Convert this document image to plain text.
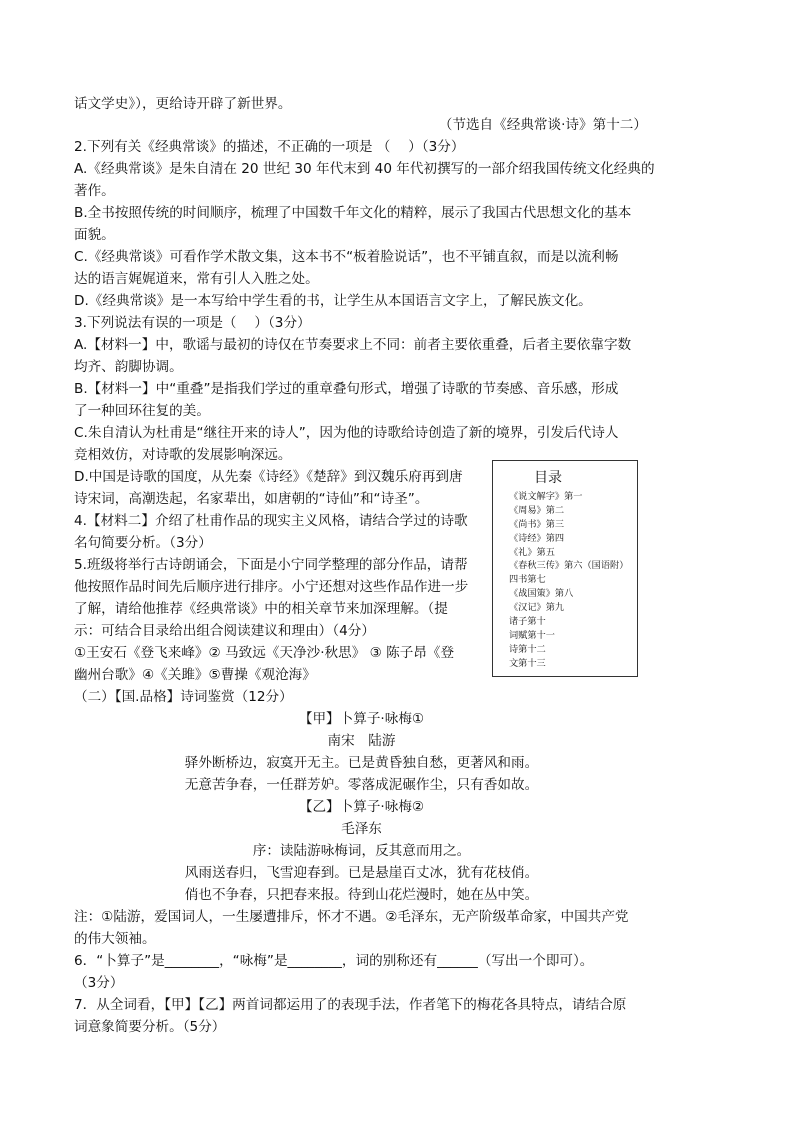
话文学史》），更给诗开辟了新世界。
（节选自《经典常谈·诗》第十二）
2.下列有关《经典常谈》的描述，不正确的一项是 （　 ）（3分）
A.《经典常谈》是朱自清在 20 世纪 30 年代末到 40 年代初撰写的一部介绍我国传统文化经典的
著作。
B.全书按照传统的时间顺序，梳理了中国数千年文化的精粹，展示了我国古代思想文化的基本
面貌。
C.《经典常谈》可看作学术散文集，这本书不“板着脸说话”，也不平铺直叙，而是以流利畅
达的语言娓娓道来，常有引人入胜之处。
D.《经典常谈》是一本写给中学生看的书，让学生从本国语言文字上，了解民族文化。
3.下列说法有误的一项是（　 ）（3分）
A.【材料一】中，歌谣与最初的诗仅在节奏要求上不同：前者主要依重叠，后者主要依靠字数
均齐、韵脚协调。
B.【材料一】中“重叠”是指我们学过的重章叠句形式，增强了诗歌的节奏感、音乐感，形成
了一种回环往复的美。
C.朱自清认为杜甫是“继往开来的诗人”，因为他的诗歌给诗创造了新的境界，引发后代诗人
竞相效仿，对诗歌的发展影响深远。
D.中国是诗歌的国度，从先秦《诗经》《楚辞》到汉魏乐府再到唐
诗宋词，高潮迭起，名家辈出，如唐朝的“诗仙”和“诗圣”。
4.【材料二】介绍了杜甫作品的现实主义风格，请结合学过的诗歌
名句简要分析。（3分）
5.班级将举行古诗朗诵会，下面是小宁同学整理的部分作品，请帮
他按照作品时间先后顺序进行排序。小宁还想对这些作品作进一步
了解，请给他推荐《经典常谈》中的相关章节来加深理解。（提
示：可结合目录给出组合阅读建议和理由）（4分）
①王安石《登飞来峰》② 马致远《天净沙·秋思》 ③ 陈子昂《登
幽州台歌》④《关雎》⑤曹操《观沧海》
目录
《说文解字》第一
《周易》第二
《尚书》第三
《诗经》第四
《礼》第五
《春秋三传》第六（国语附）
四书第七
《战国策》第八
《汉记》第九
诸子第十
词赋第十一
诗第十二
文第十三
（二）【国.品格】诗词鉴赏（12分）
【甲】卜算子·咏梅①
南宋　陆游
驿外断桥边，寂寞开无主。已是黄昏独自愁，更著风和雨。
无意苦争春，一任群芳妒。零落成泥碾作尘，只有香如故。
【乙】卜算子·咏梅②
毛泽东
序：读陆游咏梅词，反其意而用之。
风雨送春归，飞雪迎春到。已是悬崖百丈冰，犹有花枝俏。
俏也不争春，只把春来报。待到山花烂漫时，她在丛中笑。
注：①陆游，爱国词人，一生屡遭排斥，怀才不遇。②毛泽东，无产阶级革命家，中国共产党
的伟大领袖。
6．“卜算子”是________，“咏梅”是________，词的别称还有______（写出一个即可）。
（3分）
7．从全词看，【甲】【乙】两首词都运用了的表现手法，作者笔下的梅花各具特点，请结合原
词意象简要分析。（5分）
